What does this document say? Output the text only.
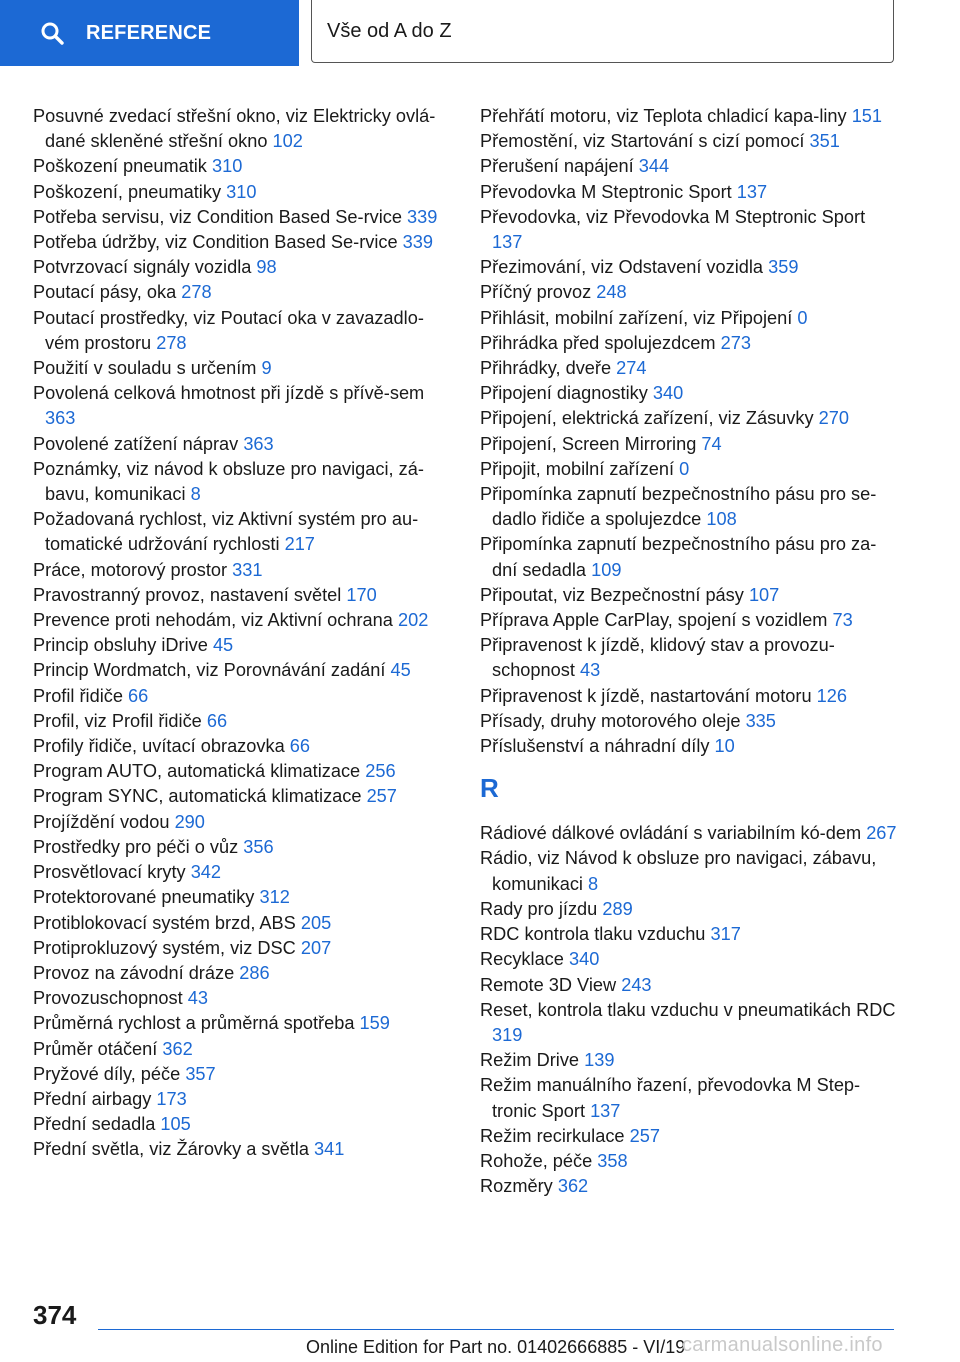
REFERENCE	Vše od A do Z
Posuvné zvedací střešní okno, viz Elektricky ovlá-dané skleněné střešní okno 102
Poškození pneumatik 310
Poškození, pneumatiky 310
Potřeba servisu, viz Condition Based Se-rvice 339
Potřeba údržby, viz Condition Based Se-rvice 339
Potvrzovací signály vozidla 98
Poutací pásy, oka 278
Poutací prostředky, viz Poutací oka v zavazadlo-vém prostoru 278
Použití v souladu s určením 9
Povolená celková hmotnost při jízdě s přívě-sem 363
Povolené zatížení náprav 363
Poznámky, viz návod k obsluze pro navigaci, zá-bavu, komunikaci 8
Požadovaná rychlost, viz Aktivní systém pro au-tomatické udržování rychlosti 217
Práce, motorový prostor 331
Pravostranný provoz, nastavení světel 170
Prevence proti nehodám, viz Aktivní ochrana 202
Princip obsluhy iDrive 45
Princip Wordmatch, viz Porovnávání zadání 45
Profil řidiče 66
Profil, viz Profil řidiče 66
Profily řidiče, uvítací obrazovka 66
Program AUTO, automatická klimatizace 256
Program SYNC, automatická klimatizace 257
Projíždění vodou 290
Prostředky pro péči o vůz 356
Prosvětlovací kryty 342
Protektorované pneumatiky 312
Protiblokovací systém brzd, ABS 205
Protiprokluzový systém, viz DSC 207
Provoz na závodní dráze 286
Provozuschopnost 43
Průměrná rychlost a průměrná spotřeba 159
Průměr otáčení 362
Pryžové díly, péče 357
Přední airbagy 173
Přední sedadla 105
Přední světla, viz Žárovky a světla 341
Přehřátí motoru, viz Teplota chladicí kapa-liny 151
Přemostění, viz Startování s cizí pomocí 351
Přerušení napájení 344
Převodovka M Steptronic Sport 137
Převodovka, viz Převodovka M Steptronic Sport 137
Přezimování, viz Odstavení vozidla 359
Příčný provoz 248
Přihlásit, mobilní zařízení, viz Připojení 0
Přihrádka před spolujezdcem 273
Přihrádky, dveře 274
Připojení diagnostiky 340
Připojení, elektrická zařízení, viz Zásuvky 270
Připojení, Screen Mirroring 74
Připojit, mobilní zařízení 0
Připomínka zapnutí bezpečnostního pásu pro se-dadlo řidiče a spolujezdce 108
Připomínka zapnutí bezpečnostního pásu pro za-dní sedadla 109
Připoutat, viz Bezpečnostní pásy 107
Příprava Apple CarPlay, spojení s vozidlem 73
Připravenost k jízdě, klidový stav a provozu-schopnost 43
Připravenost k jízdě, nastartování motoru 126
Přísady, druhy motorového oleje 335
Příslušenství a náhradní díly 10
R
Rádiové dálkové ovládání s variabilním kó-dem 267
Rádio, viz Návod k obsluze pro navigaci, zábavu, komunikaci 8
Rady pro jízdu 289
RDC kontrola tlaku vzduchu 317
Recyklace 340
Remote 3D View 243
Reset, kontrola tlaku vzduchu v pneumatikách RDC 319
Režim Drive 139
Režim manuálního řazení, převodovka M Step-tronic Sport 137
Režim recirkulace 257
Rohože, péče 358
Rozměry 362
374
Online Edition for Part no. 01402666885 - VI/19
carmanualsonline.info
